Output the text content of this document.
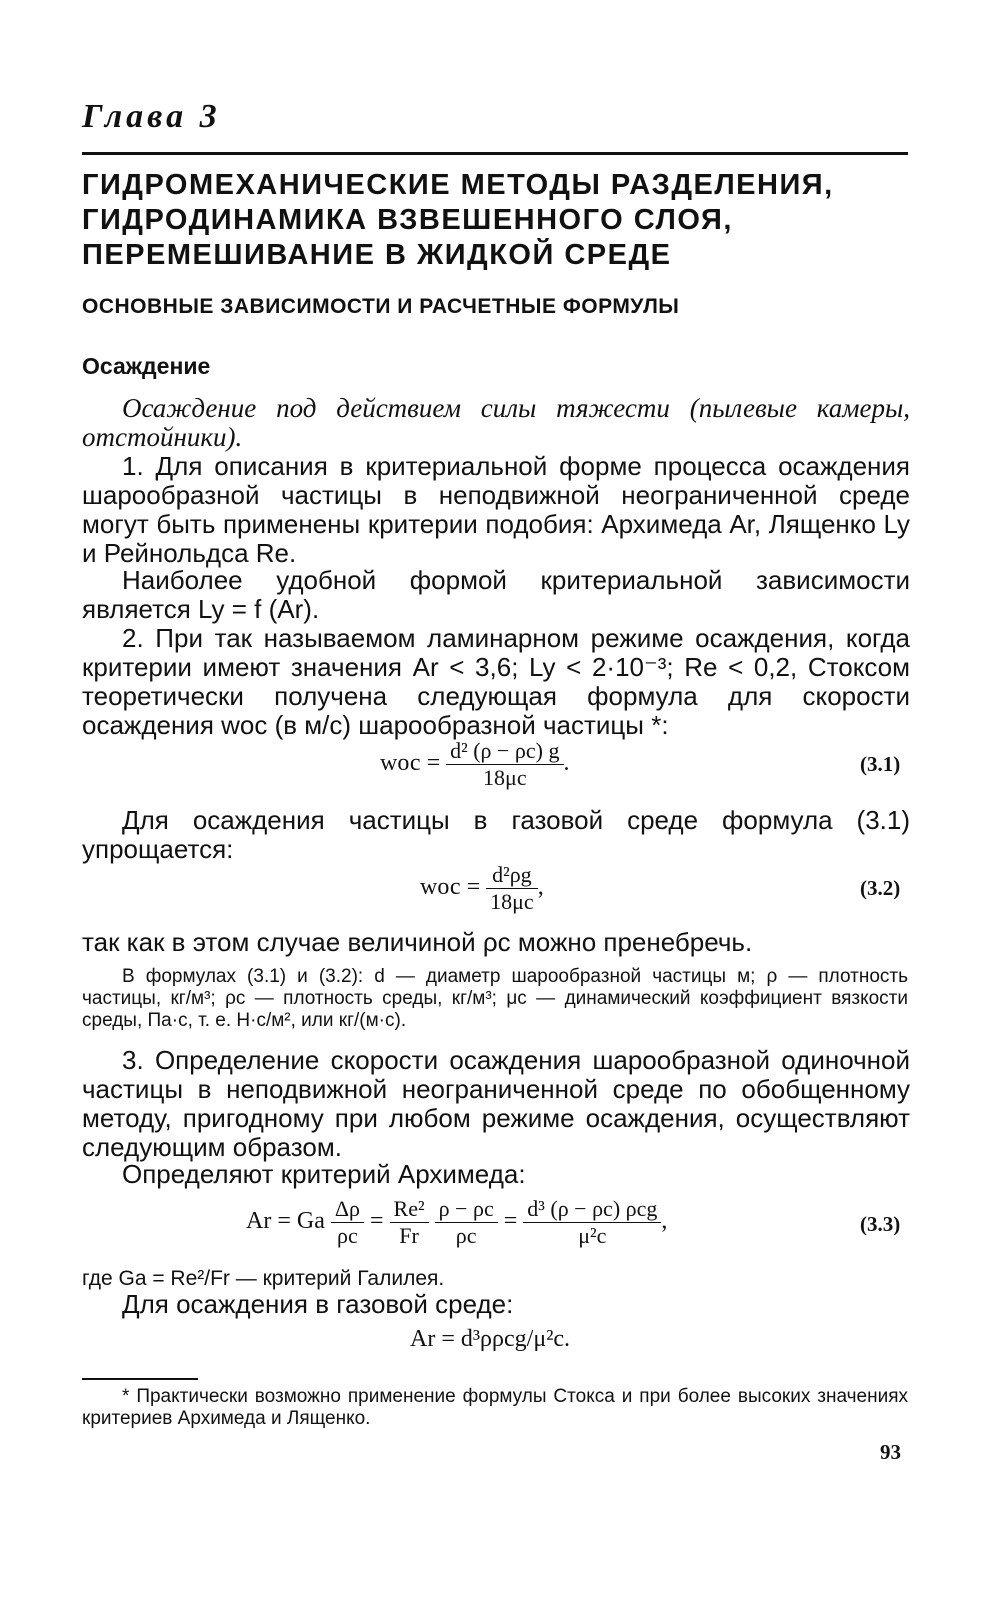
Глава 3
ГИДРОМЕХАНИЧЕСКИЕ МЕТОДЫ РАЗДЕЛЕНИЯ,
ГИДРОДИНАМИКА ВЗВЕШЕННОГО СЛОЯ,
ПЕРЕМЕШИВАНИЕ В ЖИДКОЙ СРЕДЕ
ОСНОВНЫЕ ЗАВИСИМОСТИ И РАСЧЕТНЫЕ ФОРМУЛЫ
Осаждение

Осаждение под действием силы тяжести (пылевые камеры, отстойники).

1. Для описания в критериальной форме процесса осаждения шарообразной частицы в неподвижной неограниченной среде могут быть применены критерии подобия: Архимеда Ar, Лященко Ly и Рейнольдса Re.

Наиболее удобной формой критериальной зависимости является Ly = f (Ar).

2. При так называемом ламинарном режиме осаждения, когда критерии имеют значения Ar < 3,6; Ly < 2·10⁻³; Re < 0,2, Стоксом теоретически получена следующая формула для скорости осаждения wос (в м/с) шарообразной частицы *:

wос = $\frac{\text{d² (ρ − ρс) g}}{18\mu с}$ .	(3.1)

Для осаждения частицы в газовой среде формула (3.1) упрощается:

wос = $\frac{\text{d²ρg}}{18\mu с}$ ,	(3.2)

так как в этом случае величиной ρс можно пренебречь.

В формулах (3.1) и (3.2): d — диаметр шарообразной частицы м; ρ — плотность частицы, кг/м³; ρс — плотность среды, кг/м³; μс — динамический коэффициент вязкости среды, Па·с, т. е. Н·с/м², или кг/(м·с).

3. Определение скорости осаждения шарообразной одиночной частицы в неподвижной неограниченной среде по обобщенному методу, пригодному при любом режиме осаждения, осуществляют следующим образом.

Определяют критерий Архимеда:

Ar = Ga $\frac{\Delta\rho}{\rho с} = \frac{\text{Re²}}{Fr}$
$\frac{\rho - \rho с}{\rho с} = \frac{\text{d³ (ρ − ρс) ρсg}}{\text{μ²с}}$ ,	(3.3)

где Ga = Re²/Fr — критерий Галилея.

Для осаждения в газовой среде:

Ar = d³ρρсg/μ²с.

* Практически возможно применение формулы Стокса и при более высоких значениях критериев Архимеда и Лященко.

93
